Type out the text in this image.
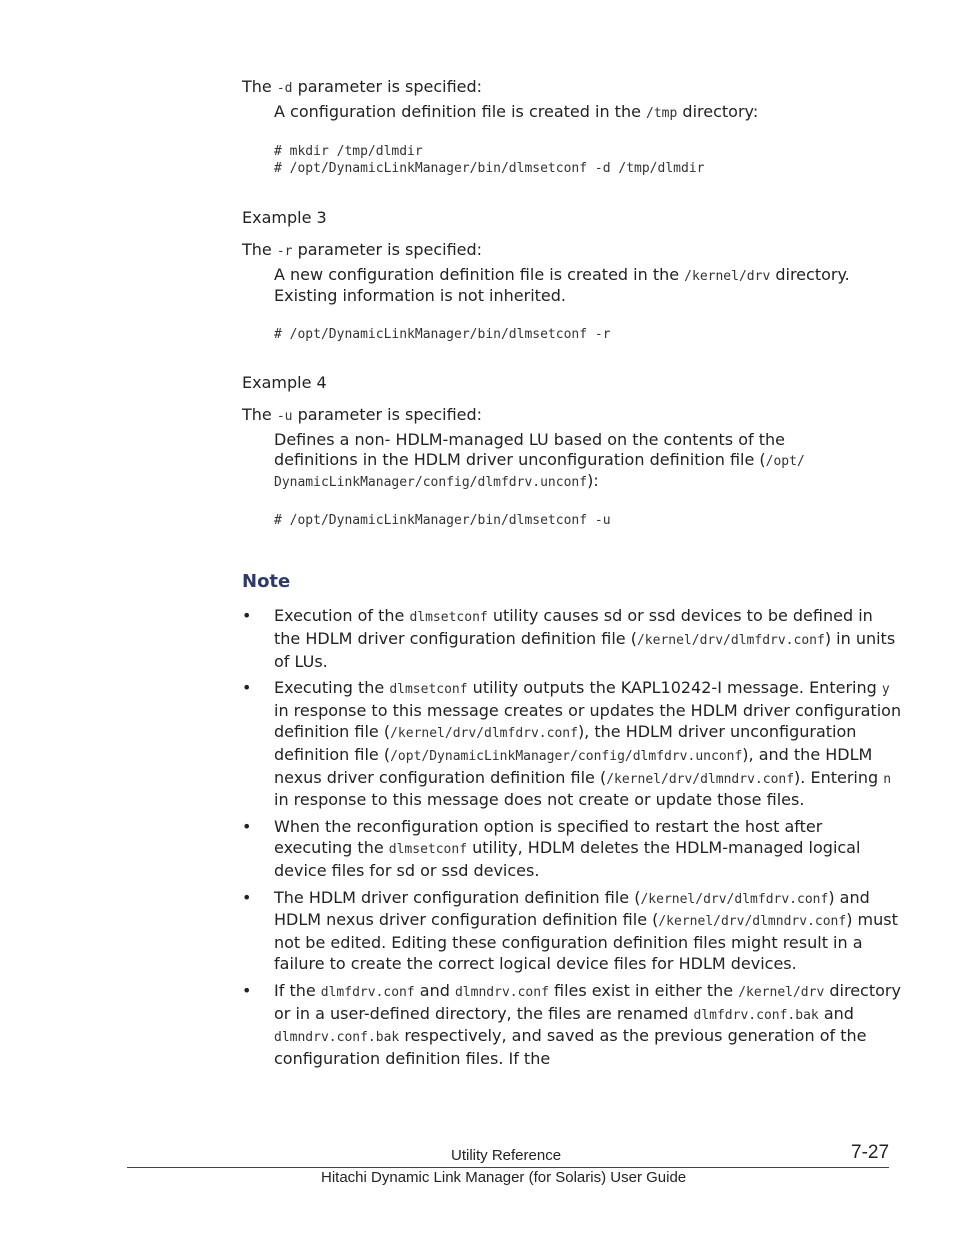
The -d parameter is specified:
A configuration definition file is created in the /tmp directory:
# mkdir /tmp/dlmdir
# /opt/DynamicLinkManager/bin/dlmsetconf -d /tmp/dlmdir
Example 3
The -r parameter is specified:
A new configuration definition file is created in the /kernel/drv directory.
Existing information is not inherited.
# /opt/DynamicLinkManager/bin/dlmsetconf -r
Example 4
The -u parameter is specified:
Defines a non- HDLM-managed LU based on the contents of the
definitions in the HDLM driver unconfiguration definition file (/opt/
DynamicLinkManager/config/dlmfdrv.unconf):
# /opt/DynamicLinkManager/bin/dlmsetconf -u
Note
• Execution of the dlmsetconf utility causes sd or ssd devices to be defined in the HDLM driver configuration definition file (/kernel/drv/dlmfdrv.conf) in units of LUs.
• Executing the dlmsetconf utility outputs the KAPL10242-I message. Entering y in response to this message creates or updates the HDLM driver configuration definition file (/kernel/drv/dlmfdrv.conf), the HDLM driver unconfiguration definition file (/opt/DynamicLinkManager/config/dlmfdrv.unconf), and the HDLM nexus driver configuration definition file (/kernel/drv/dlmndrv.conf). Entering n in response to this message does not create or update those files.
• When the reconfiguration option is specified to restart the host after executing the dlmsetconf utility, HDLM deletes the HDLM-managed logical device files for sd or ssd devices.
• The HDLM driver configuration definition file (/kernel/drv/dlmfdrv.conf) and HDLM nexus driver configuration definition file (/kernel/drv/dlmndrv.conf) must not be edited. Editing these configuration definition files might result in a failure to create the correct logical device files for HDLM devices.
• If the dlmfdrv.conf and dlmndrv.conf files exist in either the /kernel/drv directory or in a user-defined directory, the files are renamed dlmfdrv.conf.bak and dlmndrv.conf.bak respectively, and saved as the previous generation of the configuration definition files. If the
Utility Reference	7-27
Hitachi Dynamic Link Manager (for Solaris) User Guide
